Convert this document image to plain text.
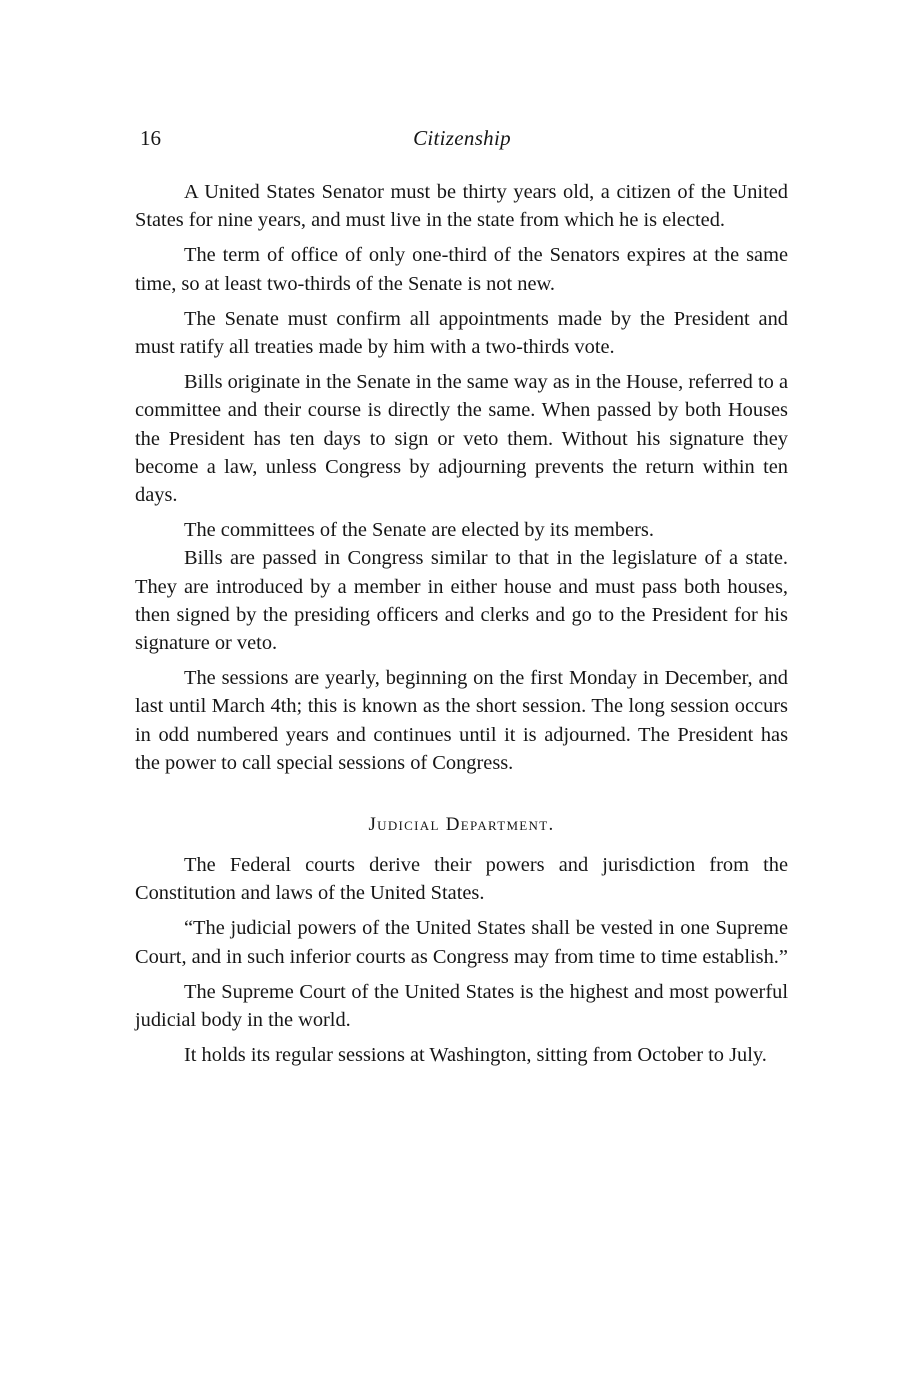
16	Citizenship

A United States Senator must be thirty years old, a citizen of the United States for nine years, and must live in the state from which he is elected.

The term of office of only one-third of the Senators expires at the same time, so at least two-thirds of the Senate is not new.

The Senate must confirm all appointments made by the President and must ratify all treaties made by him with a two-thirds vote.

Bills originate in the Senate in the same way as in the House, referred to a committee and their course is directly the same. When passed by both Houses the President has ten days to sign or veto them. Without his signature they become a law, unless Congress by adjourning prevents the return within ten days.

The committees of the Senate are elected by its members.

Bills are passed in Congress similar to that in the legislature of a state. They are introduced by a member in either house and must pass both houses, then signed by the presiding officers and clerks and go to the President for his signature or veto.

The sessions are yearly, beginning on the first Monday in December, and last until March 4th; this is known as the short session. The long session occurs in odd numbered years and continues until it is adjourned. The President has the power to call special sessions of Congress.

Judicial Department.

The Federal courts derive their powers and jurisdiction from the Constitution and laws of the United States.

“The judicial powers of the United States shall be vested in one Supreme Court, and in such inferior courts as Congress may from time to time establish.”

The Supreme Court of the United States is the highest and most powerful judicial body in the world.

It holds its regular sessions at Washington, sitting from October to July.
